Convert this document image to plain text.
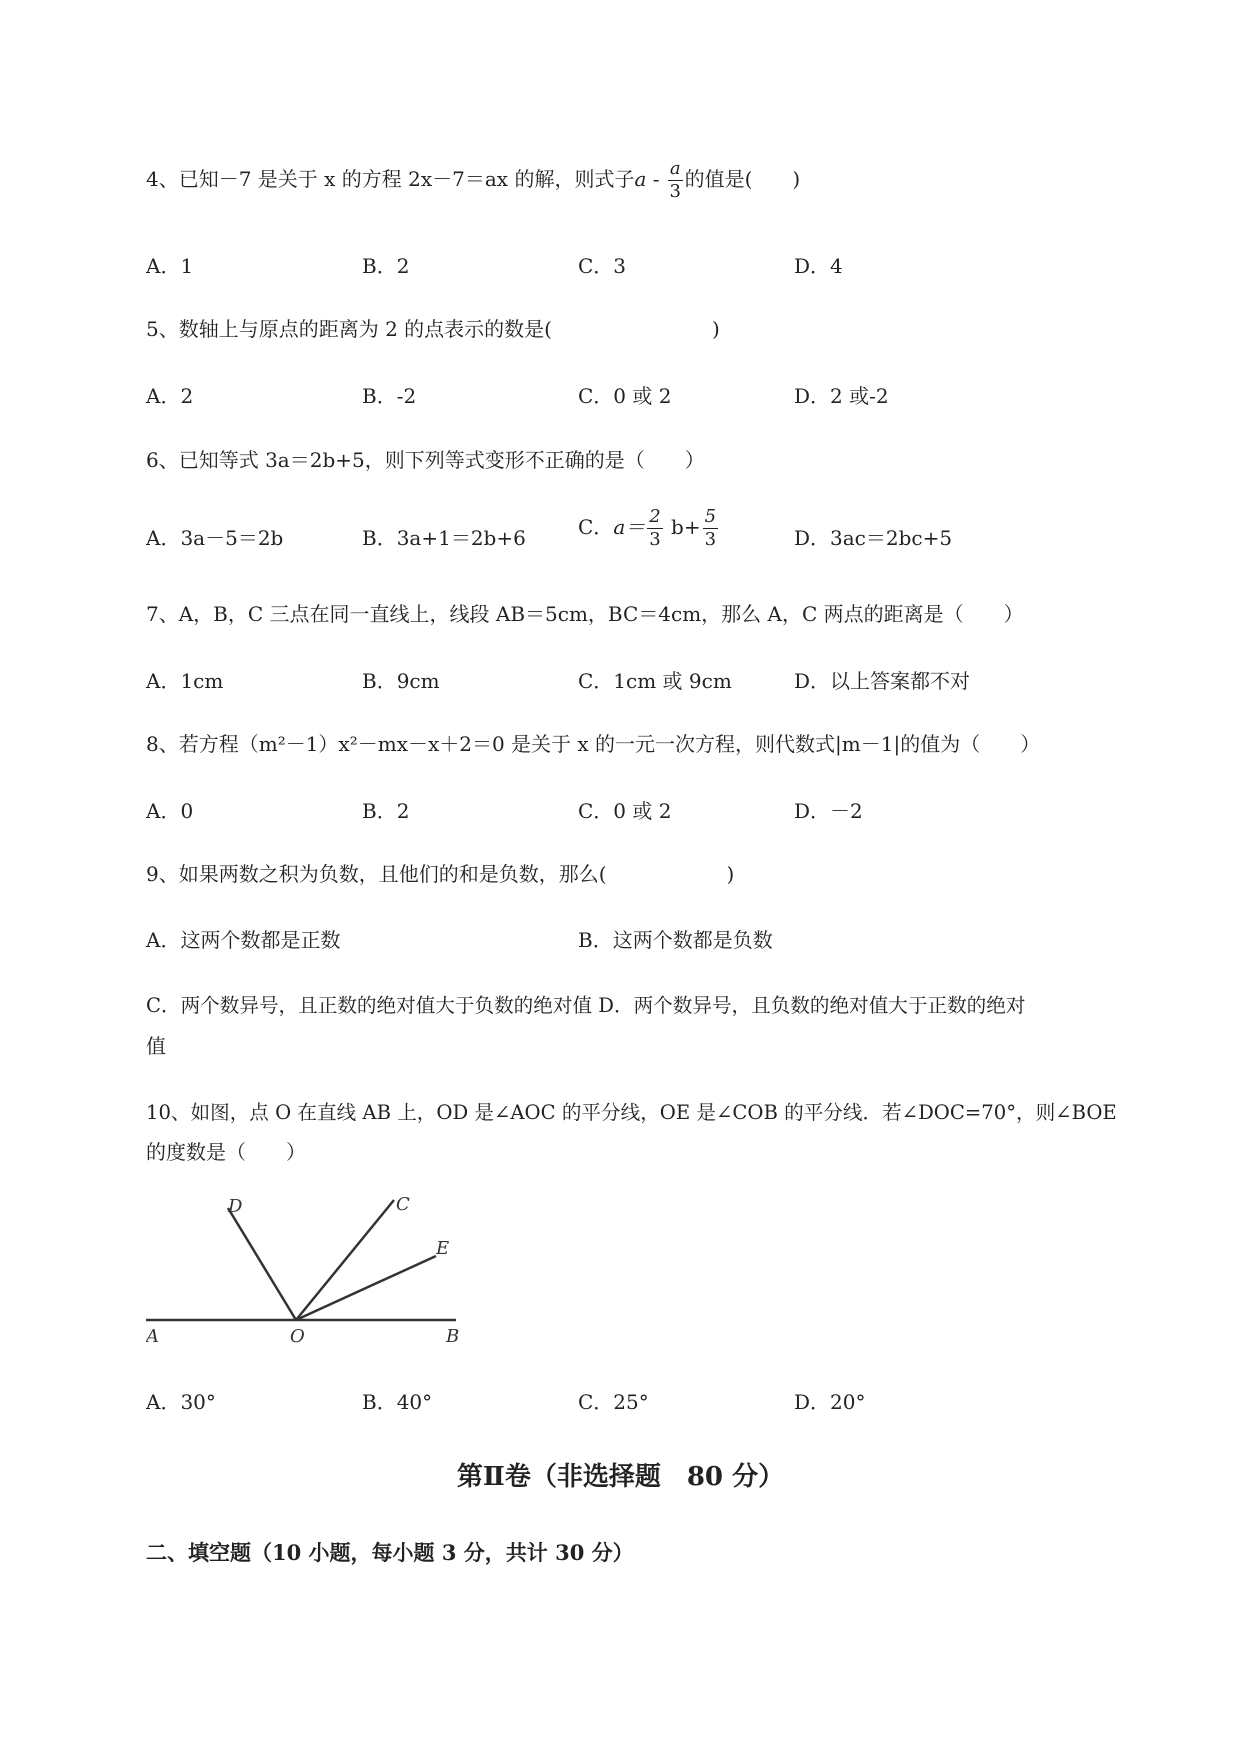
4、已知－7 是关于 x 的方程 2x－7＝ax 的解，则式子a - $\frac{a}{3}$ 的值是(　　)
A．1	B．2	C．3	D．4
5、数轴上与原点的距离为 2 的点表示的数是(　　　　　　　　)
A．2	B．-2	C．0 或 2	D．2 或-2
6、已知等式 3a＝2b+5，则下列等式变形不正确的是（　　）
A．3a－5＝2b	B．3a+1＝2b+6	C．$a= \frac{2}{3} b+ \frac{5}{3}$	D．3ac＝2bc+5
7、A，B，C 三点在同一直线上，线段 AB＝5cm，BC＝4cm，那么 A，C 两点的距离是（　　）
A．1cm	B．9cm	C．1cm 或 9cm	D．以上答案都不对
8、若方程（m²－1）x²－mx－x＋2＝0 是关于 x 的一元一次方程，则代数式|m－1|的值为（　　）
A．0	B．2	C．0 或 2	D．－2
9、如果两数之积为负数，且他们的和是负数，那么(　　　　　　)
A．这两个数都是正数	B．这两个数都是负数
C．两个数异号，且正数的绝对值大于负数的绝对值 D．两个数异号，且负数的绝对值大于正数的绝对
值
10、如图，点 O 在直线 AB 上，OD 是∠AOC 的平分线，OE 是∠COB 的平分线．若∠DOC=70°，则∠BOE
的度数是（　　）
D	C
E
A	O	B
A．30°	B．40°	C．25°	D．20°
第Ⅱ卷（非选择题　80 分）
二、填空题（10 小题，每小题 3 分，共计 30 分）
